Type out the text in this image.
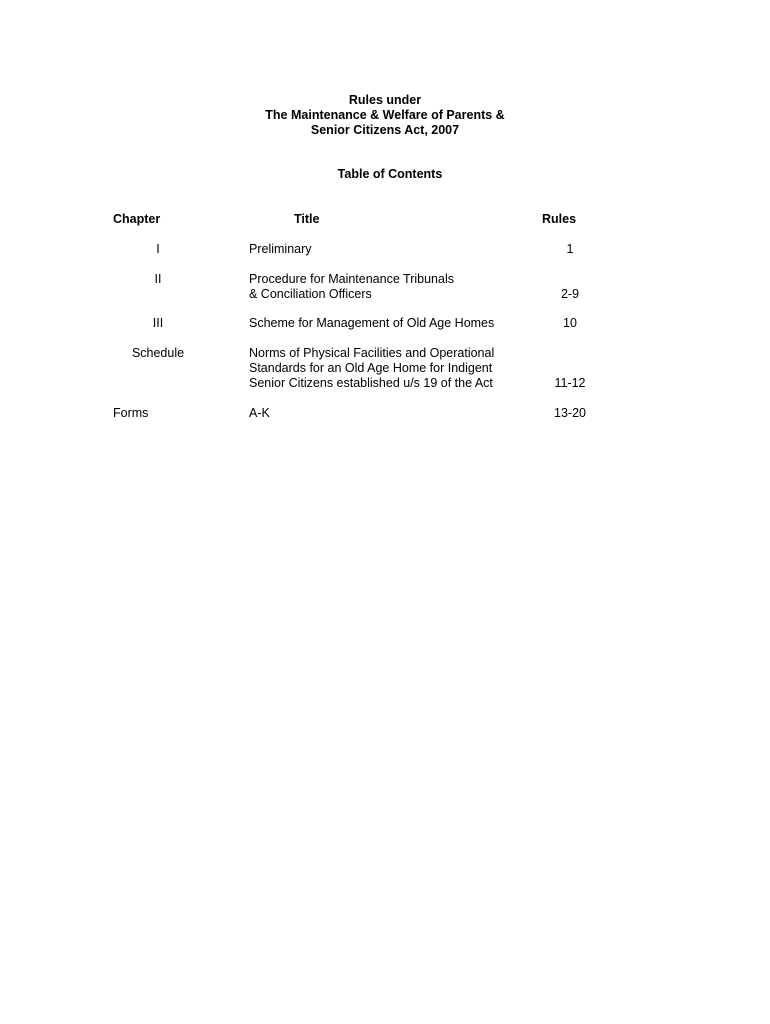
Rules under
The Maintenance & Welfare of Parents &
Senior Citizens Act, 2007
Table of Contents
Chapter	Title	Rules
I	Preliminary	1
II	Procedure for Maintenance Tribunals
& Conciliation Officers	2-9
III	Scheme for Management of Old Age Homes	10
Schedule	Norms of Physical Facilities and Operational
Standards for an Old Age Home for Indigent
Senior Citizens established u/s 19 of the Act	11-12
Forms	A-K	13-20
